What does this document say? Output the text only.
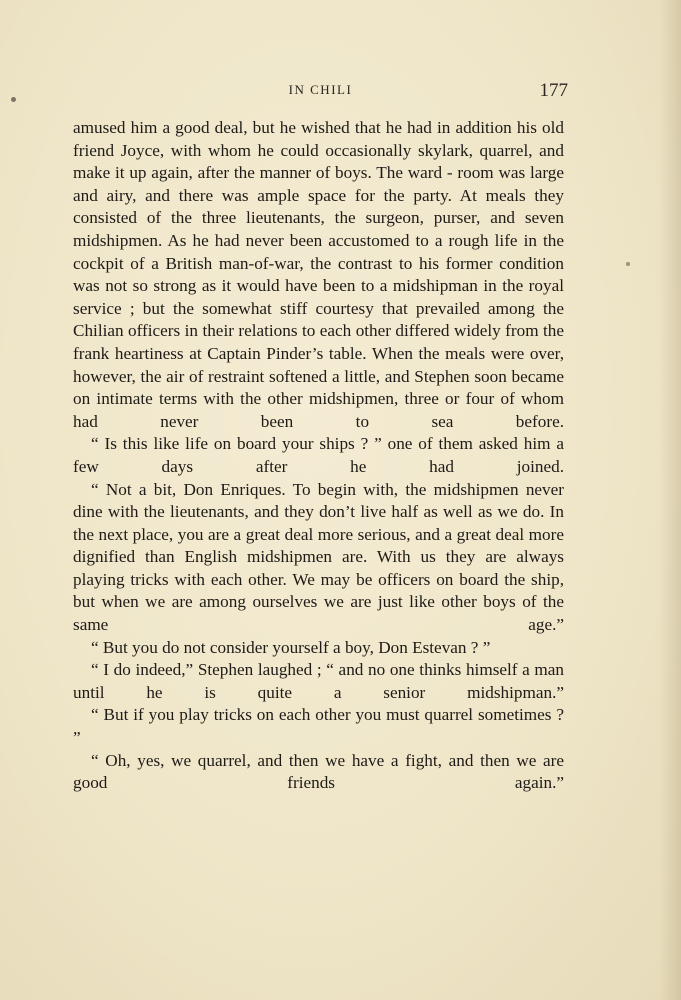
IN CHILI	177

amused him a good deal, but he wished that he had in addition his old friend Joyce, with whom he could occasionally skylark, quarrel, and make it up again, after the manner of boys. The ward - room was large and airy, and there was ample space for the party. At meals they consisted of the three lieutenants, the surgeon, purser, and seven midshipmen. As he had never been accustomed to a rough life in the cockpit of a British man-of-war, the contrast to his former condition was not so strong as it would have been to a midshipman in the royal service ; but the somewhat stiff courtesy that prevailed among the Chilian officers in their relations to each other differed widely from the frank heartiness at Captain Pinder’s table. When the meals were over, however, the air of restraint softened a little, and Stephen soon became on intimate terms with the other midshipmen, three or four of whom had never been to sea before.

“ Is this like life on board your ships ? ” one of them asked him a few days after he had joined.

“ Not a bit, Don Enriques. To begin with, the midshipmen never dine with the lieutenants, and they don’t live half as well as we do. In the next place, you are a great deal more serious, and a great deal more dignified than English midshipmen are. With us they are always playing tricks with each other. We may be officers on board the ship, but when we are among ourselves we are just like other boys of the same age.”

“ But you do not consider yourself a boy, Don Estevan ? ”

“ I do indeed,” Stephen laughed ; “ and no one thinks himself a man until he is quite a senior midshipman.”

“ But if you play tricks on each other you must quarrel sometimes ? ”

“ Oh, yes, we quarrel, and then we have a fight, and then we are good friends again.”
